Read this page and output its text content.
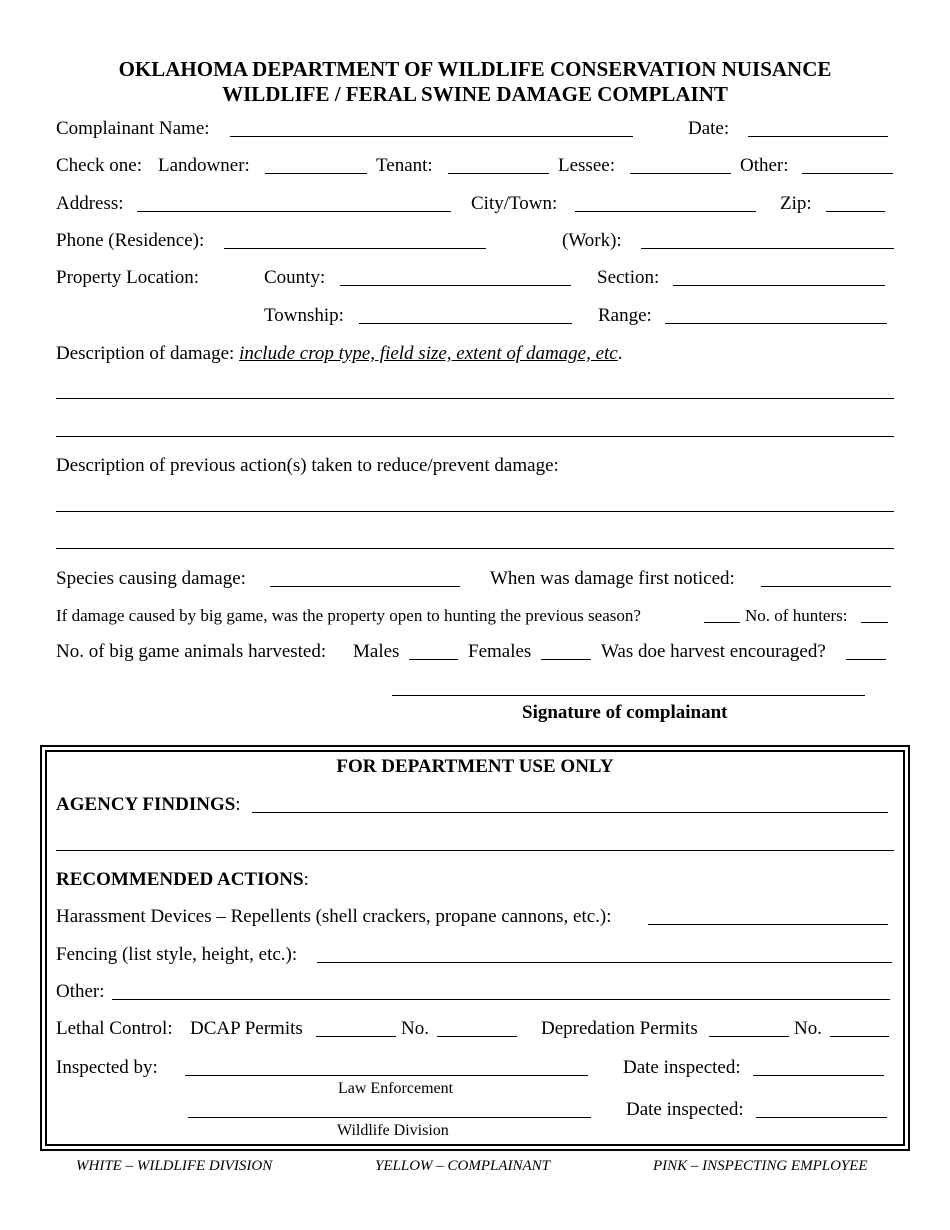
OKLAHOMA DEPARTMENT OF WILDLIFE CONSERVATION NUISANCE
WILDLIFE / FERAL SWINE DAMAGE COMPLAINT
Complainant Name:	Date:
Check one: Landowner:	Tenant:	Lessee:	Other:
Address:	City/Town:	Zip:
Phone (Residence):	(Work):
Property Location:	County:	Section:
Township:	Range:
Description of damage: include crop type, field size, extent of damage, etc.
Description of previous action(s) taken to reduce/prevent damage:
Species causing damage:	When was damage first noticed:
If damage caused by big game, was the property open to hunting the previous season?	No. of hunters:
No. of big game animals harvested: Males	Females	Was doe harvest encouraged?
Signature of complainant
FOR DEPARTMENT USE ONLY
AGENCY FINDINGS:
RECOMMENDED ACTIONS:
Harassment Devices – Repellents (shell crackers, propane cannons, etc.):
Fencing (list style, height, etc.):
Other:
Lethal Control: DCAP Permits	No.	Depredation Permits	No.
Inspected by:	Date inspected:
Law Enforcement
Date inspected:
Wildlife Division
WHITE – WILDLIFE DIVISION	YELLOW – COMPLAINANT	PINK – INSPECTING EMPLOYEE
